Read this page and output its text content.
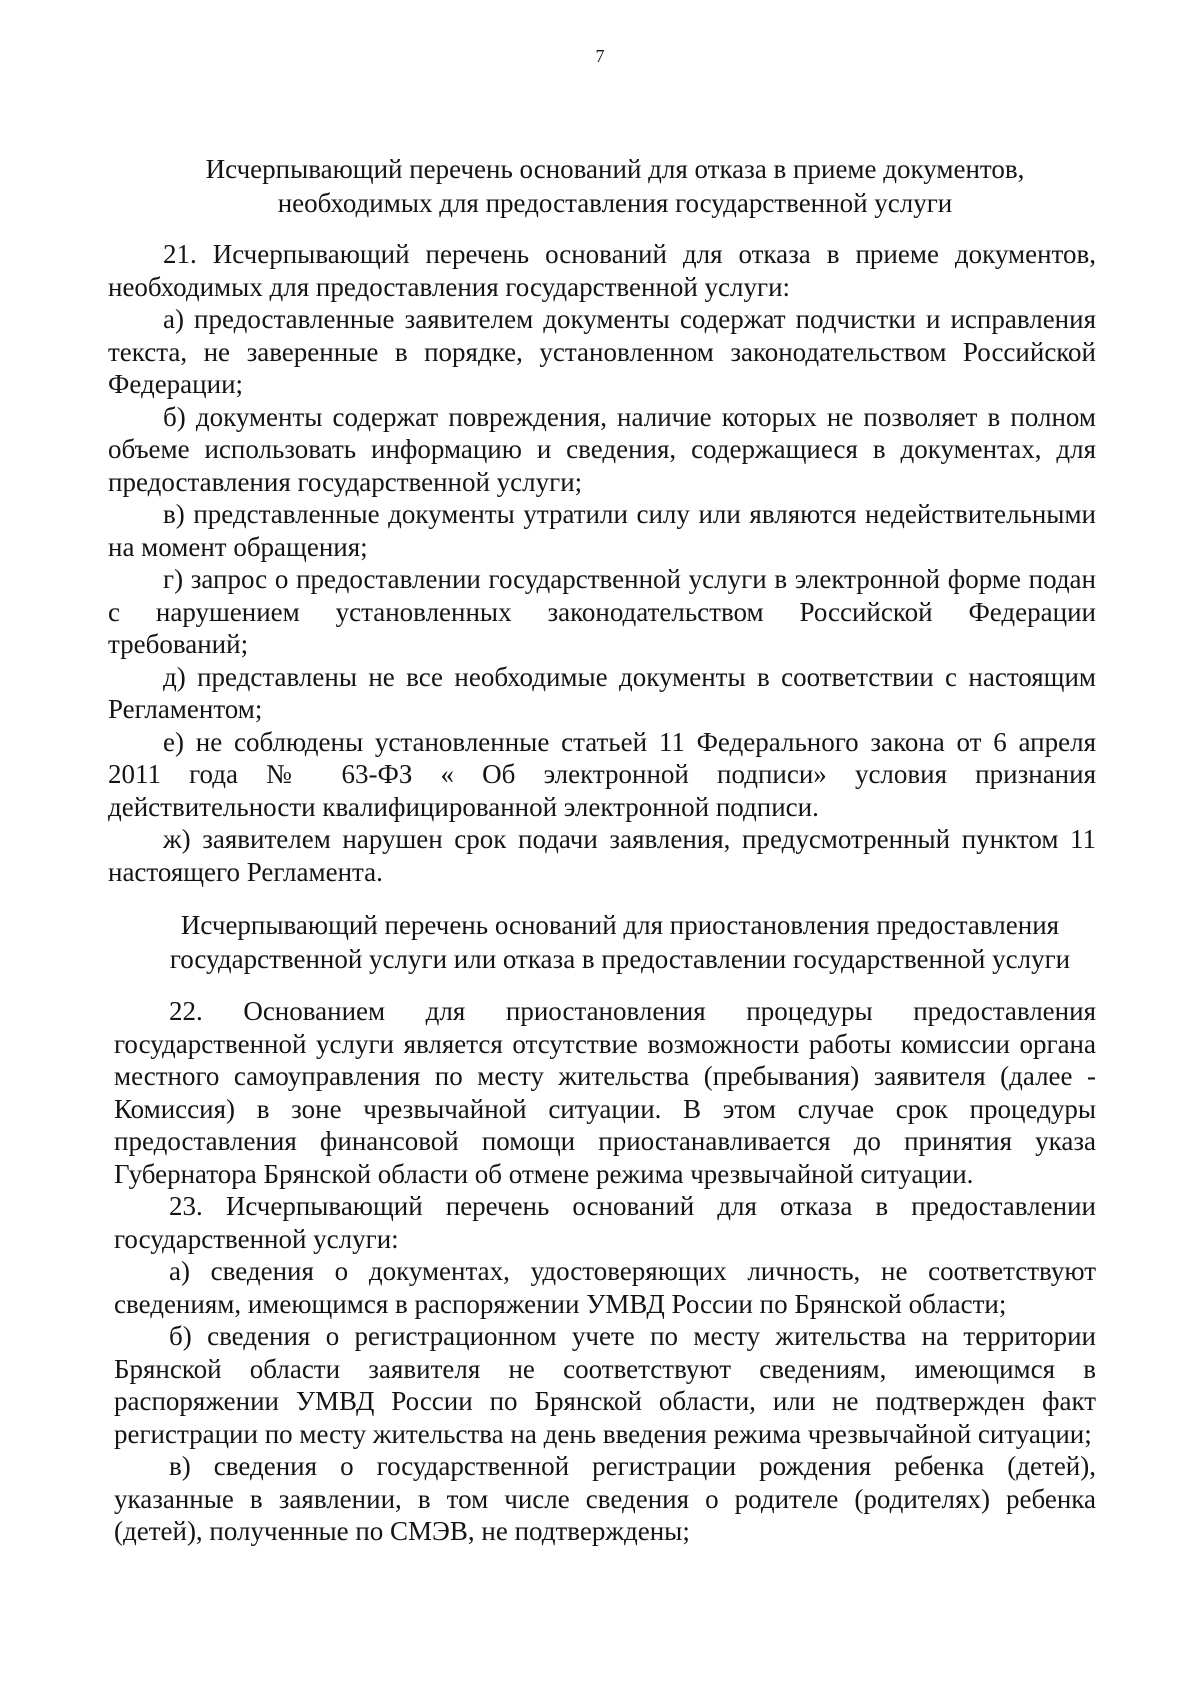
7
Исчерпывающий перечень оснований для отказа в приеме документов,
необходимых для предоставления государственной услуги

21. Исчерпывающий перечень оснований для отказа в приеме документов, необходимых для предоставления государственной услуги:

а) предоставленные заявителем документы содержат подчистки и исправления текста, не заверенные в порядке, установленном законодательством Российской Федерации;

б) документы содержат повреждения, наличие которых не позволяет в полном объеме использовать информацию и сведения, содержащиеся в документах, для предоставления государственной услуги;

в) представленные документы утратили силу или являются недействительными на момент обращения;

г) запрос о предоставлении государственной услуги в электронной форме подан с нарушением установленных законодательством Российской Федерации требований;

д) представлены не все необходимые документы в соответствии с настоящим Регламентом;

е) не соблюдены установленные статьей 11 Федерального закона от 6 апреля 2011 года № 63-ФЗ « Об электронной подписи» условия признания действительности квалифицированной электронной подписи.

ж) заявителем нарушен срок подачи заявления, предусмотренный пунктом 11 настоящего Регламента.

Исчерпывающий перечень оснований для приостановления предоставления
государственной услуги или отказа в предоставлении государственной услуги

22. Основанием для приостановления процедуры предоставления государственной услуги является отсутствие возможности работы комиссии органа местного самоуправления по месту жительства (пребывания) заявителя (далее - Комиссия) в зоне чрезвычайной ситуации. В этом случае срок процедуры предоставления финансовой помощи приостанавливается до принятия указа Губернатора Брянской области об отмене режима чрезвычайной ситуации.

23. Исчерпывающий перечень оснований для отказа в предоставлении государственной услуги:

а) сведения о документах, удостоверяющих личность, не соответствуют сведениям, имеющимся в распоряжении УМВД России по Брянской области;

б) сведения о регистрационном учете по месту жительства на территории Брянской области заявителя не соответствуют сведениям, имеющимся в распоряжении УМВД России по Брянской области, или не подтвержден факт регистрации по месту жительства на день введения режима чрезвычайной ситуации;

в) сведения о государственной регистрации рождения ребенка (детей), указанные в заявлении, в том числе сведения о родителе (родителях) ребенка (детей), полученные по СМЭВ, не подтверждены;
